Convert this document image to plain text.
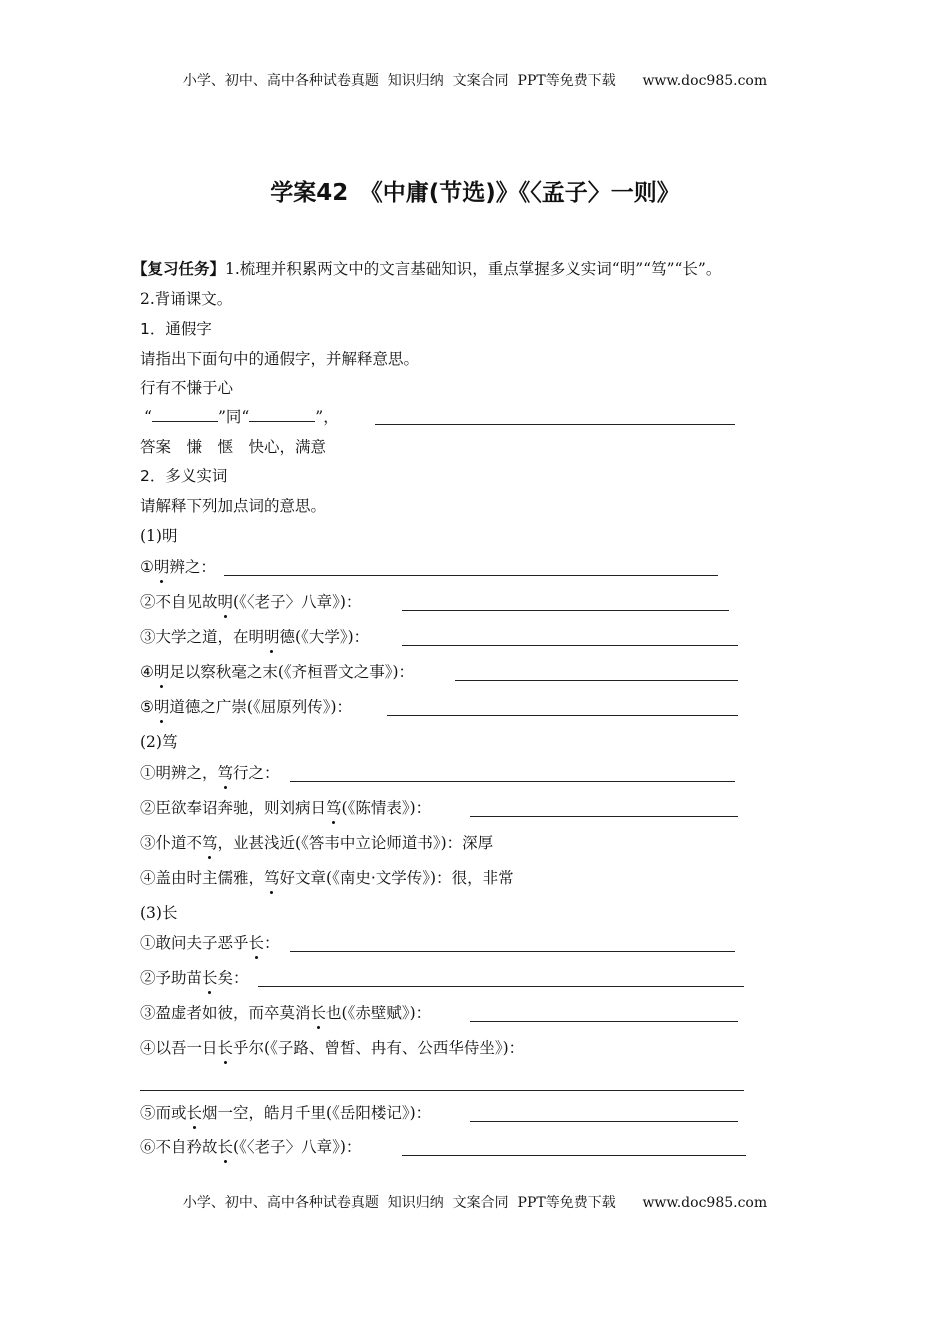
小学、初中、高中各种试卷真题  知识归纳  文案合同  PPT等免费下载      www.doc985.com
学案42　《中庸(节选)》《〈孟子〉一则》
【复习任务】1.梳理并积累两文中的文言基础知识，重点掌握多义实词“明”“笃”“长”。
2.背诵课文。
1．通假字
请指出下面句中的通假字，并解释意思。
行有不慊于心
“	”同“	”，
答案　 慊　惬　快心，满意
2．多义实词
请解释下列加点词的意思。
(1)明
①明辨之：
②不自见故明(《〈老子〉八章》)：
③大学之道，在明明德(《大学》)：
④明足以察秋毫之末(《齐桓晋文之事》)：
⑤明道德之广崇(《屈原列传》)：
(2)笃
①明辨之，笃行之：
②臣欲奉诏奔驰，则刘病日笃(《陈情表》)：
③仆道不笃，业甚浅近(《答韦中立论师道书》)：深厚
④盖由时主儒雅，笃好文章(《南史·文学传》)：很，非常
(3)长
①敢问夫子恶乎长：
②予助苗长矣：
③盈虚者如彼，而卒莫消长也(《赤壁赋》)：
④以吾一日长乎尔(《子路、曾皙、冉有、公西华侍坐》)：
⑤而或长烟一空，皓月千里(《岳阳楼记》)：
⑥不自矜故长(《〈老子〉八章》)：
小学、初中、高中各种试卷真题  知识归纳  文案合同  PPT等免费下载      www.doc985.com
